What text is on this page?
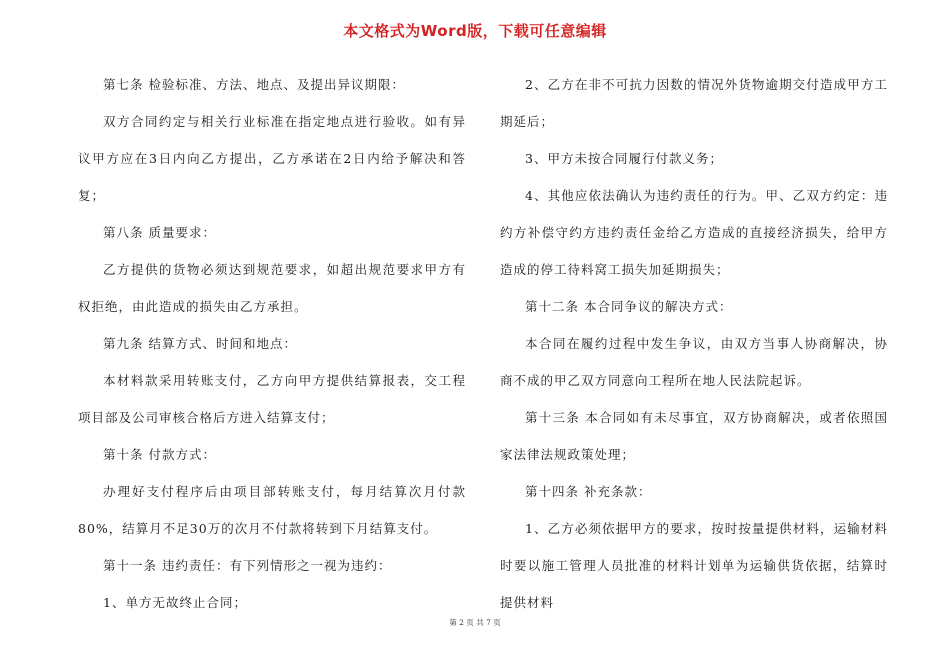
本文格式为Word版，下载可任意编辑

第七条 检验标准、方法、地点、及提出异议期限：

双方合同约定与相关行业标准在指定地点进行验收。如有异议甲方应在3日内向乙方提出，乙方承诺在2日内给予解决和答复；

第八条 质量要求：

乙方提供的货物必须达到规范要求，如超出规范要求甲方有权拒绝，由此造成的损失由乙方承担。

第九条 结算方式、时间和地点：

本材料款采用转账支付，乙方向甲方提供结算报表，交工程项目部及公司审核合格后方进入结算支付；

第十条 付款方式：

办理好支付程序后由项目部转账支付，每月结算次月付款80%，结算月不足30万的次月不付款将转到下月结算支付。

第十一条 违约责任：有下列情形之一视为违约：

1、单方无故终止合同；

2、乙方在非不可抗力因数的情况外货物逾期交付造成甲方工期延后；

3、甲方未按合同履行付款义务；

4、其他应依法确认为违约责任的行为。甲、乙双方约定：违约方补偿守约方违约责任金给乙方造成的直接经济损失，给甲方造成的停工待料窝工损失加延期损失；

第十二条 本合同争议的解决方式：

本合同在履约过程中发生争议，由双方当事人协商解决，协商不成的甲乙双方同意向工程所在地人民法院起诉。

第十三条 本合同如有未尽事宜，双方协商解决，或者依照国家法律法规政策处理；

第十四条 补充条款：

1、乙方必须依据甲方的要求，按时按量提供材料，运输材料时要以施工管理人员批准的材料计划单为运输供货依据，结算时提供材料

第 2 页 共 7 页
